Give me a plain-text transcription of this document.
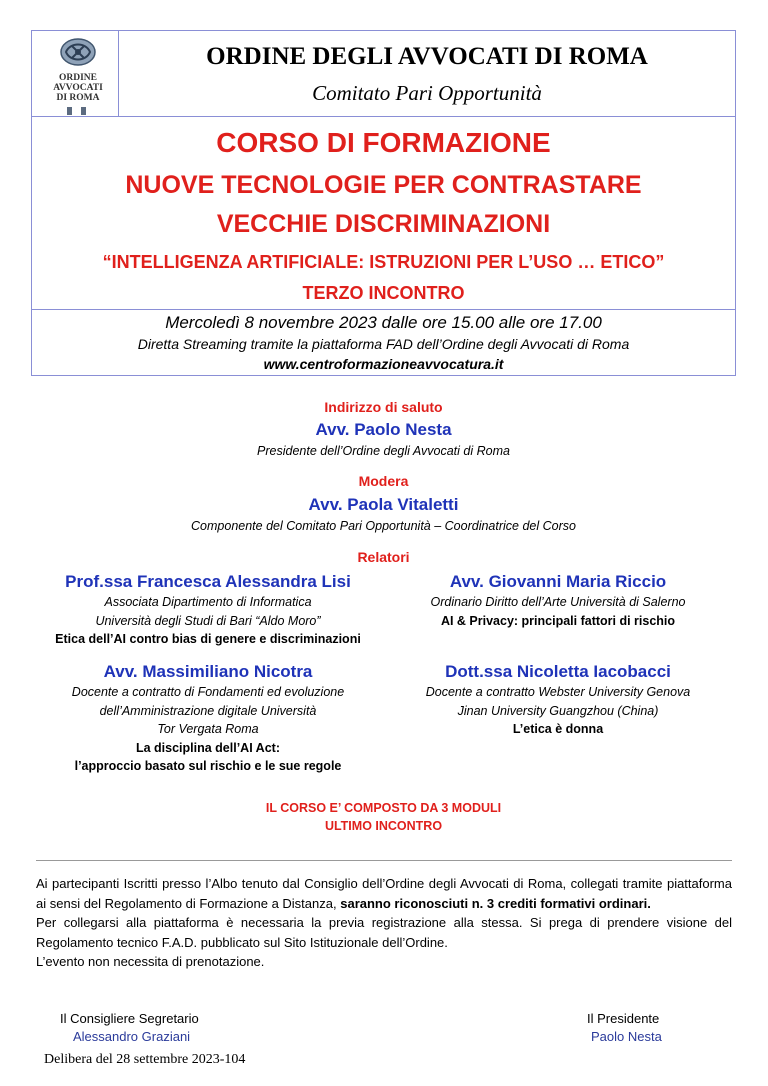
ORDINE
AVVOCATI
DI ROMA
ORDINE DEGLI AVVOCATI DI ROMA
Comitato Pari Opportunità
CORSO DI FORMAZIONE
NUOVE TECNOLOGIE PER CONTRASTARE
VECCHIE DISCRIMINAZIONI
“INTELLIGENZA ARTIFICIALE: ISTRUZIONI PER L’USO … ETICO”
TERZO INCONTRO
Mercoledì 8 novembre 2023 dalle ore 15.00 alle ore 17.00
Diretta Streaming tramite la piattaforma FAD dell’Ordine degli Avvocati di Roma
www.centroformazioneavvocatura.it
Indirizzo di saluto
Avv. Paolo Nesta
Presidente dell’Ordine degli Avvocati di Roma
Modera
Avv. Paola Vitaletti
Componente del Comitato Pari Opportunità – Coordinatrice del Corso
Relatori
Prof.ssa Francesca Alessandra Lisi
Associata Dipartimento di Informatica
Università degli Studi di Bari “Aldo Moro”
Etica dell’AI contro bias di genere e discriminazioni
Avv. Giovanni Maria Riccio
Ordinario Diritto dell’Arte Università di Salerno
AI & Privacy: principali fattori di rischio
Avv. Massimiliano Nicotra
Docente a contratto di Fondamenti ed evoluzione
dell’Amministrazione digitale Università
Tor Vergata Roma
La disciplina dell’AI Act:
l’approccio basato sul rischio e le sue regole
Dott.ssa Nicoletta Iacobacci
Docente a contratto Webster University Genova
Jinan University Guangzhou (China)
L’etica è donna
IL CORSO E’ COMPOSTO DA 3 MODULI
ULTIMO INCONTRO

Ai partecipanti Iscritti presso l’Albo tenuto dal Consiglio dell’Ordine degli Avvocati di Roma, collegati tramite piattaforma ai sensi del Regolamento di Formazione a Distanza, saranno riconosciuti n. 3 crediti formativi ordinari.

Per collegarsi alla piattaforma è necessaria la previa registrazione alla stessa. Si prega di prendere visione del Regolamento tecnico F.A.D. pubblicato sul Sito Istituzionale dell’Ordine.

L’evento non necessita di prenotazione.

Il Consigliere Segretario
Alessandro Graziani
Il Presidente
Paolo Nesta
Delibera del 28 settembre 2023-104
